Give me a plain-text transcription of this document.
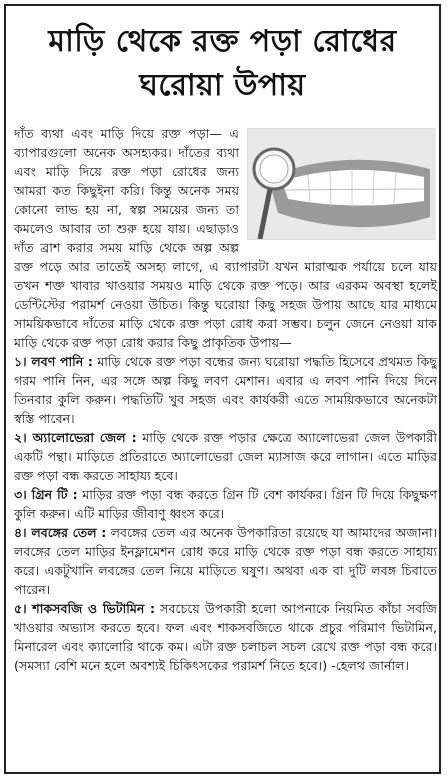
মাড়ি থেকে রক্ত পড়া রোধের
ঘরোয়া উপায়

দাঁত ব্যথা এবং মাড়ি দিয়ে রক্ত পড়া— এ ব্যাপারগুলো অনেক অসহ্যকর। দাঁতের ব্যথা এবং মাড়ি দিয়ে রক্ত পড়া রোধের জন্য আমরা কত কিছুইনা করি। কিন্তু অনেক সময় কোনো লাভ হয় না, স্বল্প সময়ের জন্য তা কমলেও আবার তা শুরু হয়ে যায়। এছাড়াও দাঁত ব্রাশ করার সময় মাড়ি থেকে অল্প অল্প রক্ত পড়ে আর তাতেই অসহ্য লাগে, এ ব্যাপারটা যখন মারাত্মক পর্যায়ে চলে যায় তখন শক্ত খাবার খাওয়ার সময়ও মাড়ি থেকে রক্ত পড়ে। আর এরকম অবস্থা হলেই ডেন্টিস্টের পরামর্শ নেওয়া উচিত। কিন্তু ঘরোয়া কিছু সহজ উপায় আছে যার মাধ্যমে সাময়িকভাবে দাঁতের মাড়ি থেকে রক্ত পড়া রোধ করা সম্ভব। চলুন জেনে নেওয়া যাক মাড়ি থেকে রক্ত পড়া রোধ করার কিছু প্রাকৃতিক উপায়—

১। লবণ পানি : মাড়ি থেকে রক্ত পড়া বন্ধের জন্য ঘরোয়া পদ্ধতি হিসেবে প্রথমত কিছু গরম পানি নিন, এর সঙ্গে অল্প কিছু লবণ মেশান। এবার এ লবণ পানি দিয়ে দিনে তিনবার কুলি করুন। পদ্ধতিটি খুব সহজ এবং কার্যকরী এতে সাময়িকভাবে অনেকটা স্বস্তি পাবেন।

২। অ্যালোভেরা জেল : মাড়ি থেকে রক্ত পড়ার ক্ষেত্রে অ্যালোভেরা জেল উপকারী একটি পন্থা। মাড়িতে প্রতিরাতে অ্যালোভেরা জেল ম্যাসাজ করে লাগান। এতে মাড়ির রক্ত পড়া বন্ধ করতে সাহায্য হবে।

৩। গ্রিন টি : মাড়ির রক্ত পড়া বন্ধ করতে গ্রিন টি বেশ কার্যকর। গ্রিন টি দিয়ে কিছুক্ষণ কুলি করুন। এটি মাড়ির জীবাণু ধ্বংস করে।

৪। লবঙ্গের তেল : লবঙ্গের তেল এর অনেক উপকারিতা রয়েছে যা আমাদের অজানা। লবঙ্গের তেল মাড়ির ইনফ্লামেশন রোধ করে মাড়ি থেকে রক্ত পড়া বন্ধ করতে সাহায্য করে। একটুখানি লবঙ্গের তেল নিয়ে মাড়িতে ঘষুণ। অথবা এক বা দুটি লবঙ্গ চিবাতে পারেন।

৫। শাকসবজি ও ভিটামিন : সবচেয়ে উপকারী হলো আপনাকে নিয়মিত কাঁচা সবজি খাওয়ার অভ্যাস করতে হবে। ফল এবং শাকসবজিতে থাকে প্রচুর পরিমাণ ভিটামিন, মিনারেল এবং ক্যালোরি থাকে কম। এটা রক্ত চলাচল সচল রেখে রক্ত পড়া বন্ধ করে। (সমস্যা বেশি মনে হলে অবশ্যই চিকিৎসকের পরামর্শ নিতে হবে।) -হেলথ জার্নাল।
